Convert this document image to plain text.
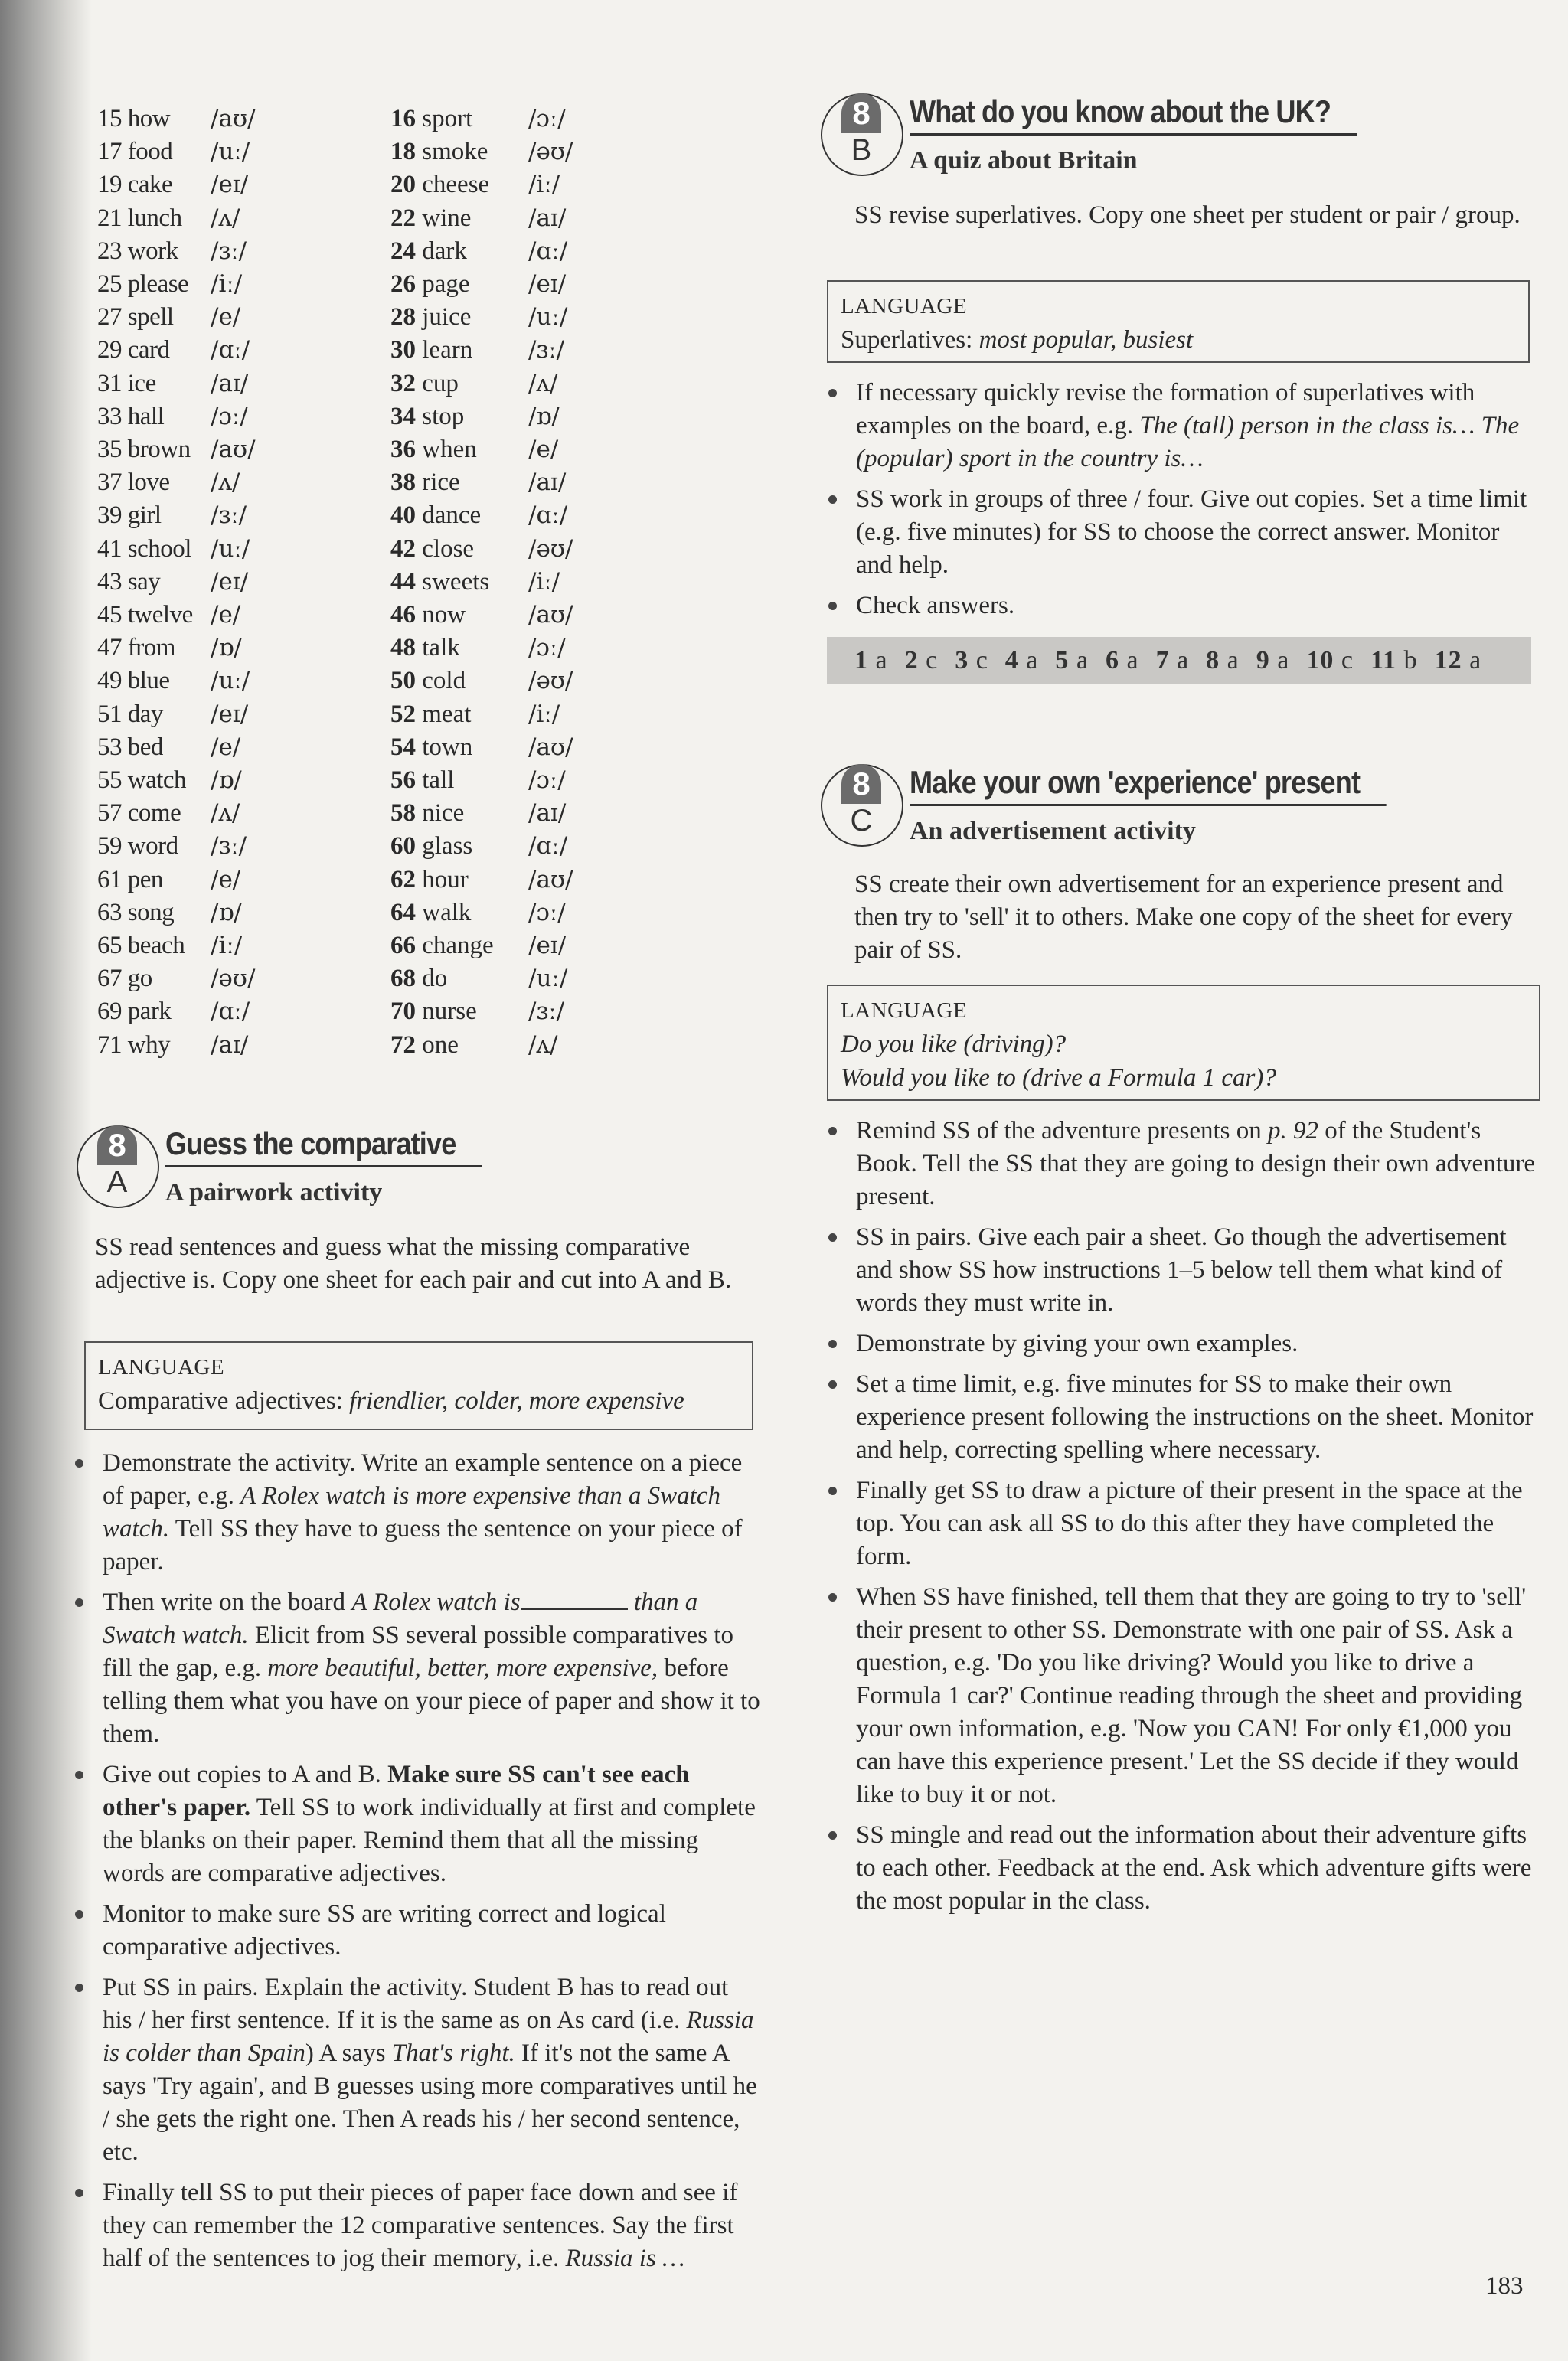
15 how	/aʊ/
17 food	/uː/
19 cake	/eɪ/
21 lunch	/ʌ/
23 work	/ɜː/
25 please /iː/
27 spell	/e/
29 card	/ɑː/
31 ice	/aɪ/
33 hall	/ɔː/
35 brown /aʊ/
37 love	/ʌ/
39 girl	/ɜː/
41 school /uː/
43 say	/eɪ/
45 twelve /e/
47 from	/ɒ/
49 blue	/uː/
51 day	/eɪ/
53 bed	/e/
55 watch	/ɒ/
57 come	/ʌ/
59 word	/ɜː/
61 pen	/e/
63 song	/ɒ/
65 beach	/iː/
67 go	/əʊ/
69 park	/ɑː/
71 why	/aɪ/
16 sport	/ɔː/
18 smoke	/əʊ/
20 cheese	/iː/
22 wine	/aɪ/
24 dark	/ɑː/
26 page	/eɪ/
28 juice	/uː/
30 learn	/ɜː/
32 cup	/ʌ/
34 stop	/ɒ/
36 when	/e/
38 rice	/aɪ/
40 dance	/ɑː/
42 close	/əʊ/
44 sweets	/iː/
46 now	/aʊ/
48 talk	/ɔː/
50 cold	/əʊ/
52 meat	/iː/
54 town	/aʊ/
56 tall	/ɔː/
58 nice	/aɪ/
60 glass	/ɑː/
62 hour	/aʊ/
64 walk	/ɔː/
66 change	/eɪ/
68 do	/uː/
70 nurse	/ɜː/
72 one	/ʌ/
8
A
Guess the comparative
A pairwork activity
SS read sentences and guess what the missing comparative adjective is. Copy one sheet for each pair and cut into A and B.
LANGUAGE
Comparative adjectives: friendlier, colder, more expensive
Demonstrate the activity. Write an example sentence on a piece of paper, e.g. A Rolex watch is more expensive than a Swatch watch. Tell SS they have to guess the sentence on your piece of paper.
Then write on the board A Rolex watch is	than a Swatch watch. Elicit from SS several possible comparatives to fill the gap, e.g. more beautiful, better, more expensive, before telling them what you have on your piece of paper and show it to them.
Give out copies to A and B. Make sure SS can't see each other's paper. Tell SS to work individually at first and complete the blanks on their paper. Remind them that all the missing words are comparative adjectives.
Monitor to make sure SS are writing correct and logical comparative adjectives.
Put SS in pairs. Explain the activity. Student B has to read out his / her first sentence. If it is the same as on As card (i.e. Russia is colder than Spain) A says That's right. If it's not the same A says 'Try again', and B guesses using more comparatives until he / she gets the right one. Then A reads his / her second sentence, etc.
Finally tell SS to put their pieces of paper face down and see if they can remember the 12 comparative sentences. Say the first half of the sentences to jog their memory, i.e. Russia is …
8
B
What do you know about the UK?
A quiz about Britain
SS revise superlatives. Copy one sheet per student or pair / group.
LANGUAGE
Superlatives: most popular, busiest
If necessary quickly revise the formation of superlatives with examples on the board, e.g. The (tall) person in the class is… The (popular) sport in the country is…
SS work in groups of three / four. Give out copies. Set a time limit (e.g. five minutes) for SS to choose the correct answer. Monitor and help.
Check answers.
1 a 2 c 3 c 4 a 5 a 6 a 7 a 8 a 9 a 10 c 11 b 12 a
8
C
Make your own 'experience' present
An advertisement activity
SS create their own advertisement for an experience present and then try to 'sell' it to others. Make one copy of the sheet for every pair of SS.
LANGUAGE
Do you like (driving)?
Would you like to (drive a Formula 1 car)?
Remind SS of the adventure presents on p. 92 of the Student's Book. Tell the SS that they are going to design their own adventure present.
SS in pairs. Give each pair a sheet. Go though the advertisement and show SS how instructions 1–5 below tell them what kind of words they must write in.
Demonstrate by giving your own examples.
Set a time limit, e.g. five minutes for SS to make their own experience present following the instructions on the sheet. Monitor and help, correcting spelling where necessary.
Finally get SS to draw a picture of their present in the space at the top. You can ask all SS to do this after they have completed the form.
When SS have finished, tell them that they are going to try to 'sell' their present to other SS. Demonstrate with one pair of SS. Ask a question, e.g. 'Do you like driving? Would you like to drive a Formula 1 car?' Continue reading through the sheet and providing your own information, e.g. 'Now you CAN! For only €1,000 you can have this experience present.' Let the SS decide if they would like to buy it or not.
SS mingle and read out the information about their adventure gifts to each other. Feedback at the end. Ask which adventure gifts were the most popular in the class.
183
